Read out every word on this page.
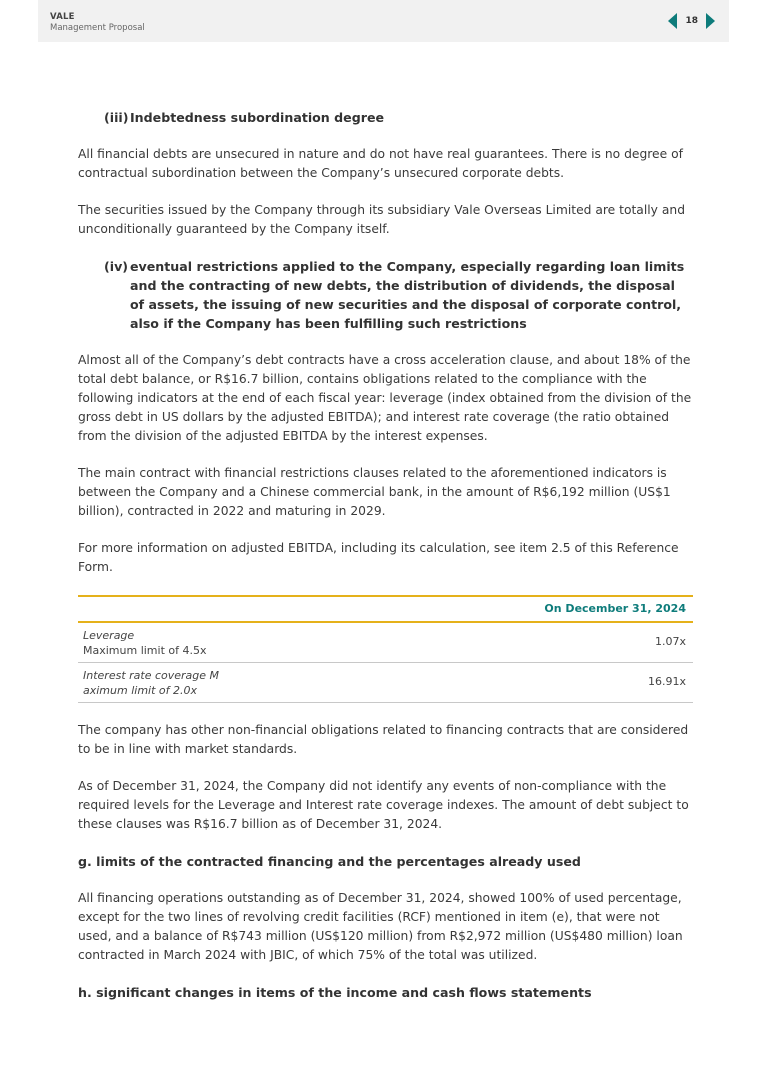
VALE
Management Proposal
18
(iii) Indebtedness subordination degree

All financial debts are unsecured in nature and do not have real guarantees. There is no degree of contractual subordination between the Company’s unsecured corporate debts.

The securities issued by the Company through its subsidiary Vale Overseas Limited are totally and unconditionally guaranteed by the Company itself.

(iv) eventual restrictions applied to the Company, especially regarding loan limits and the contracting of new debts, the distribution of dividends, the disposal of assets, the issuing of new securities and the disposal of corporate control, also if the Company has been fulfilling such restrictions

Almost all of the Company’s debt contracts have a cross acceleration clause, and about 18% of the total debt balance, or R$16.7 billion, contains obligations related to the compliance with the following indicators at the end of each fiscal year: leverage (index obtained from the division of the gross debt in US dollars by the adjusted EBITDA); and interest rate coverage (the ratio obtained from the division of the adjusted EBITDA by the interest expenses.

The main contract with financial restrictions clauses related to the aforementioned indicators is between the Company and a Chinese commercial bank, in the amount of R$6,192 million (US$1 billion), contracted in 2022 and maturing in 2029.

For more information on adjusted EBITDA, including its calculation, see item 2.5 of this Reference Form.

On December 31, 2024
Leverage
Maximum limit of 4.5x
1.07x
Interest rate coverage M
aximum limit of 2.0x
16.91x

The company has other non-financial obligations related to financing contracts that are considered to be in line with market standards.

As of December 31, 2024, the Company did not identify any events of non-compliance with the required levels for the Leverage and Interest rate coverage indexes. The amount of debt subject to these clauses was R$16.7 billion as of December 31, 2024.

g. limits of the contracted financing and the percentages already used

All financing operations outstanding as of December 31, 2024, showed 100% of used percentage, except for the two lines of revolving credit facilities (RCF) mentioned in item (e), that were not used, and a balance of R$743 million (US$120 million) from R$2,972 million (US$480 million) loan contracted in March 2024 with JBIC, of which 75% of the total was utilized.

h. significant changes in items of the income and cash flows statements
